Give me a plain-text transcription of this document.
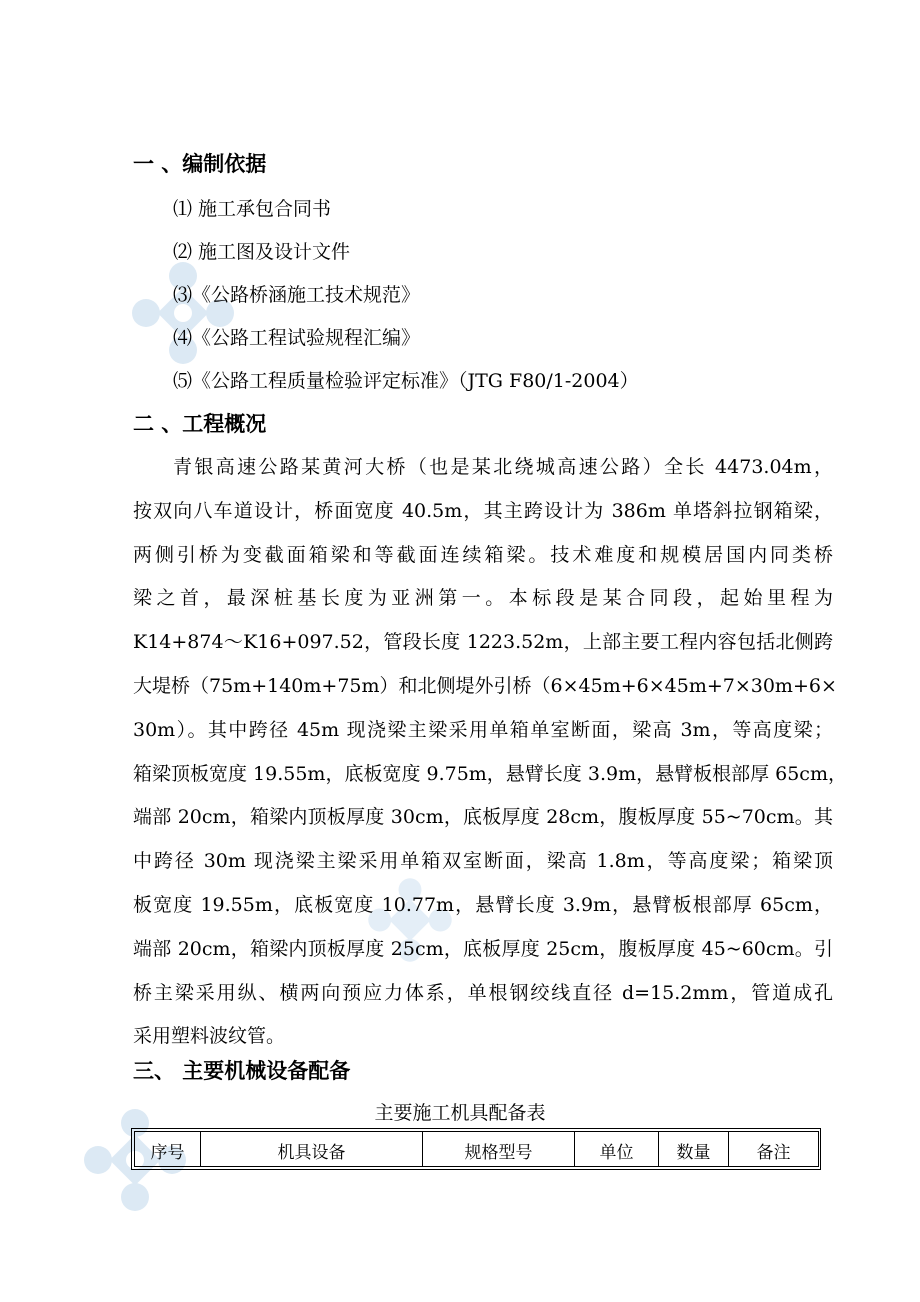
一 、编制依据
⑴ 施工承包合同书
⑵ 施工图及设计文件
⑶《公路桥涵施工技术规范》
⑷《公路工程试验规程汇编》
⑸《公路工程质量检验评定标准》（JTG F80/1-2004）
二 、工程概况
青银高速公路某黄河大桥（也是某北绕城高速公路）全长 4473.04m，
按双向八车道设计，桥面宽度 40.5m，其主跨设计为 386m 单塔斜拉钢箱梁，
两侧引桥为变截面箱梁和等截面连续箱梁。技术难度和规模居国内同类桥
梁之首，最深桩基长度为亚洲第一。本标段是某合同段，起始里程为
K14+874～K16+097.52，管段长度 1223.52m，上部主要工程内容包括北侧跨
大堤桥（75m+140m+75m）和北侧堤外引桥（6×45m+6×45m+7×30m+6×
30m）。其中跨径 45m 现浇梁主梁采用单箱单室断面，梁高 3m，等高度梁；
箱梁顶板宽度 19.55m，底板宽度 9.75m，悬臂长度 3.9m，悬臂板根部厚 65cm，
端部 20cm，箱梁内顶板厚度 30cm，底板厚度 28cm，腹板厚度 55~70cm。其
中跨径 30m 现浇梁主梁采用单箱双室断面，梁高 1.8m，等高度梁；箱梁顶
板宽度 19.55m，底板宽度 10.77m，悬臂长度 3.9m，悬臂板根部厚 65cm，
端部 20cm，箱梁内顶板厚度 25cm，底板厚度 25cm，腹板厚度 45~60cm。引
桥主梁采用纵、横两向预应力体系，单根钢绞线直径 d=15.2mm，管道成孔
采用塑料波纹管。
三、 主要机械设备配备
主要施工机具配备表
序号	机具设备	规格型号	单位	数量	备注
